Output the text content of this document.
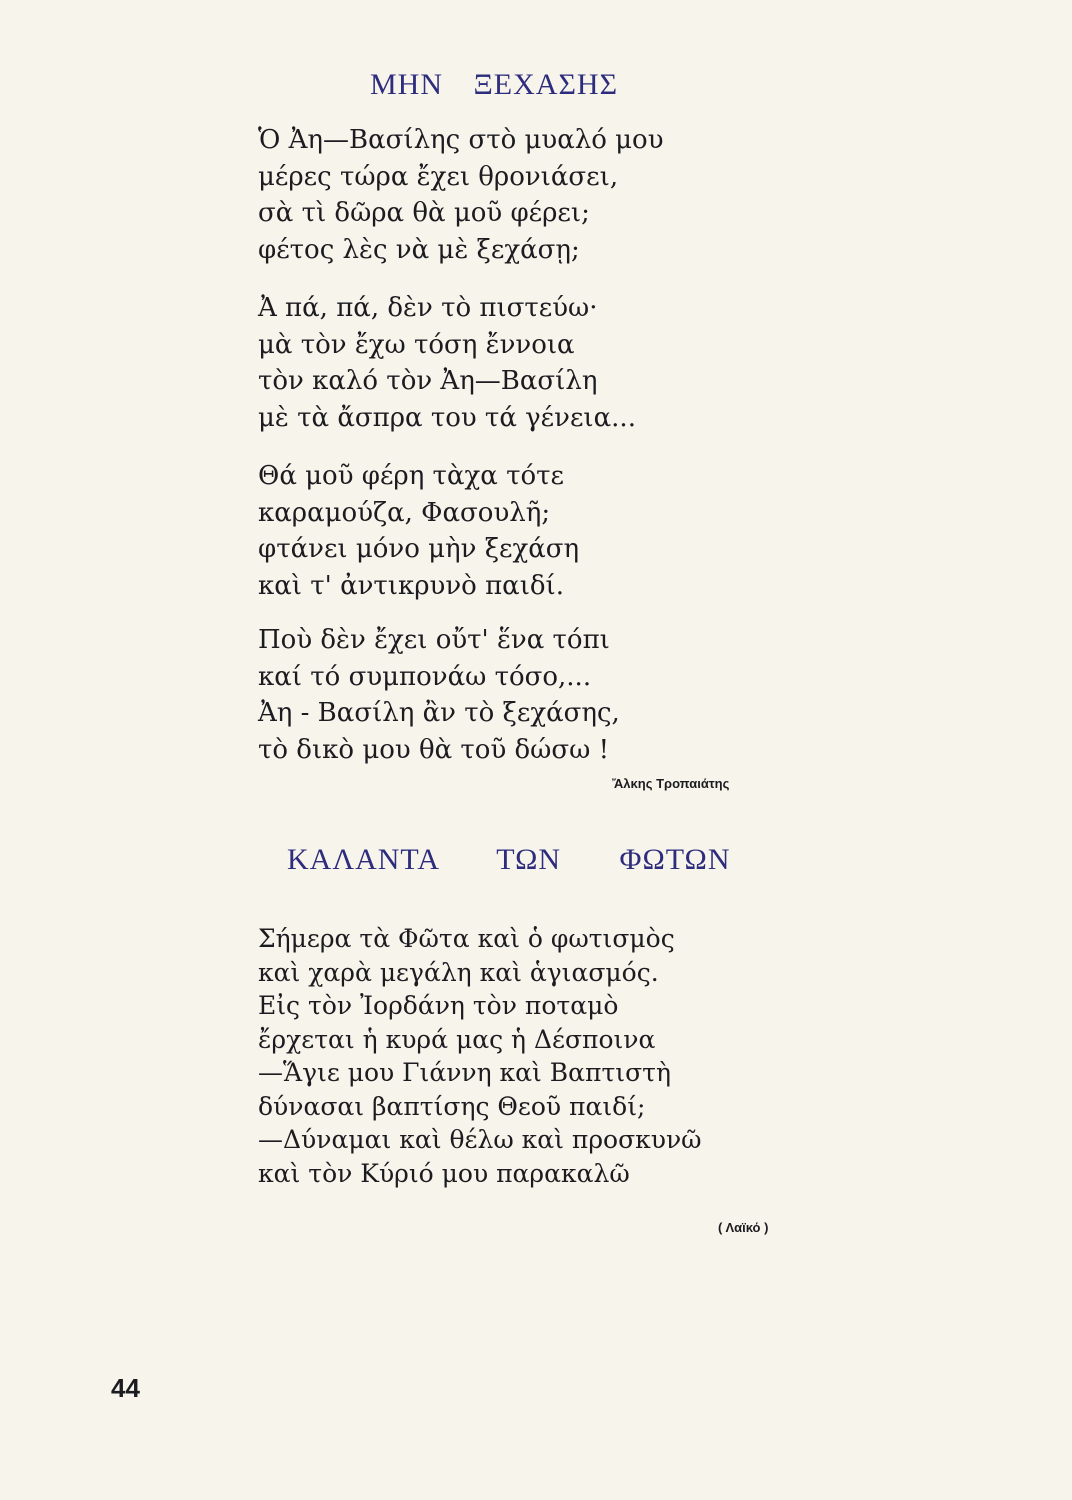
ΜΗΝ ΞΕΧΑΣΗΣ
Ὁ Ἀη—Βασίλης στὸ μυαλό μου
μέρες τώρα ἔχει θρονιάσει,
σὰ τὶ δῶρα θὰ μοῦ φέρει;
φέτος λὲς νὰ μὲ ξεχάσῃ;
Ἀ πά, πά, δὲν τὸ πιστεύω·
μὰ τὸν ἔχω τόση ἔννοια
τὸν καλό τὸν Ἀη—Βασίλη
μὲ τὰ ἄσπρα του τά γένεια...
Θά μοῦ φέρη τὰχα τότε
καραμούζα, Φασουλῆ;
φτάνει μόνο μὴν ξεχάση
καὶ τ' ἀντικρυνὸ παιδί.
Ποὺ δὲν ἔχει οὔτ' ἕνα τόπι
καί τό συμπονάω τόσο,...
Ἀη - Βασίλη ἂν τὸ ξεχάσης,
τὸ δικὸ μου θὰ τοῦ δώσω !

Ἄλκης Τροπαιάτης

ΚΑΛΑΝΤΑ ΤΩΝ ΦΩΤΩΝ
Σήμερα τὰ Φῶτα καὶ ὁ φωτισμὸς
καὶ χαρὰ μεγάλη καὶ ἁγιασμός.
Εἰς τὸν Ἰορδάνη τὸν ποταμὸ
ἔρχεται ἡ κυρά μας ἡ Δέσποινα
—Ἅγιε μου Γιάννη καὶ Βαπτιστὴ
δύνασαι βαπτίσης Θεοῦ παιδί;
—Δύναμαι καὶ θέλω καὶ προσκυνῶ
καὶ τὸν Κύριό μου παρακαλῶ

( Λαϊκό )

44
